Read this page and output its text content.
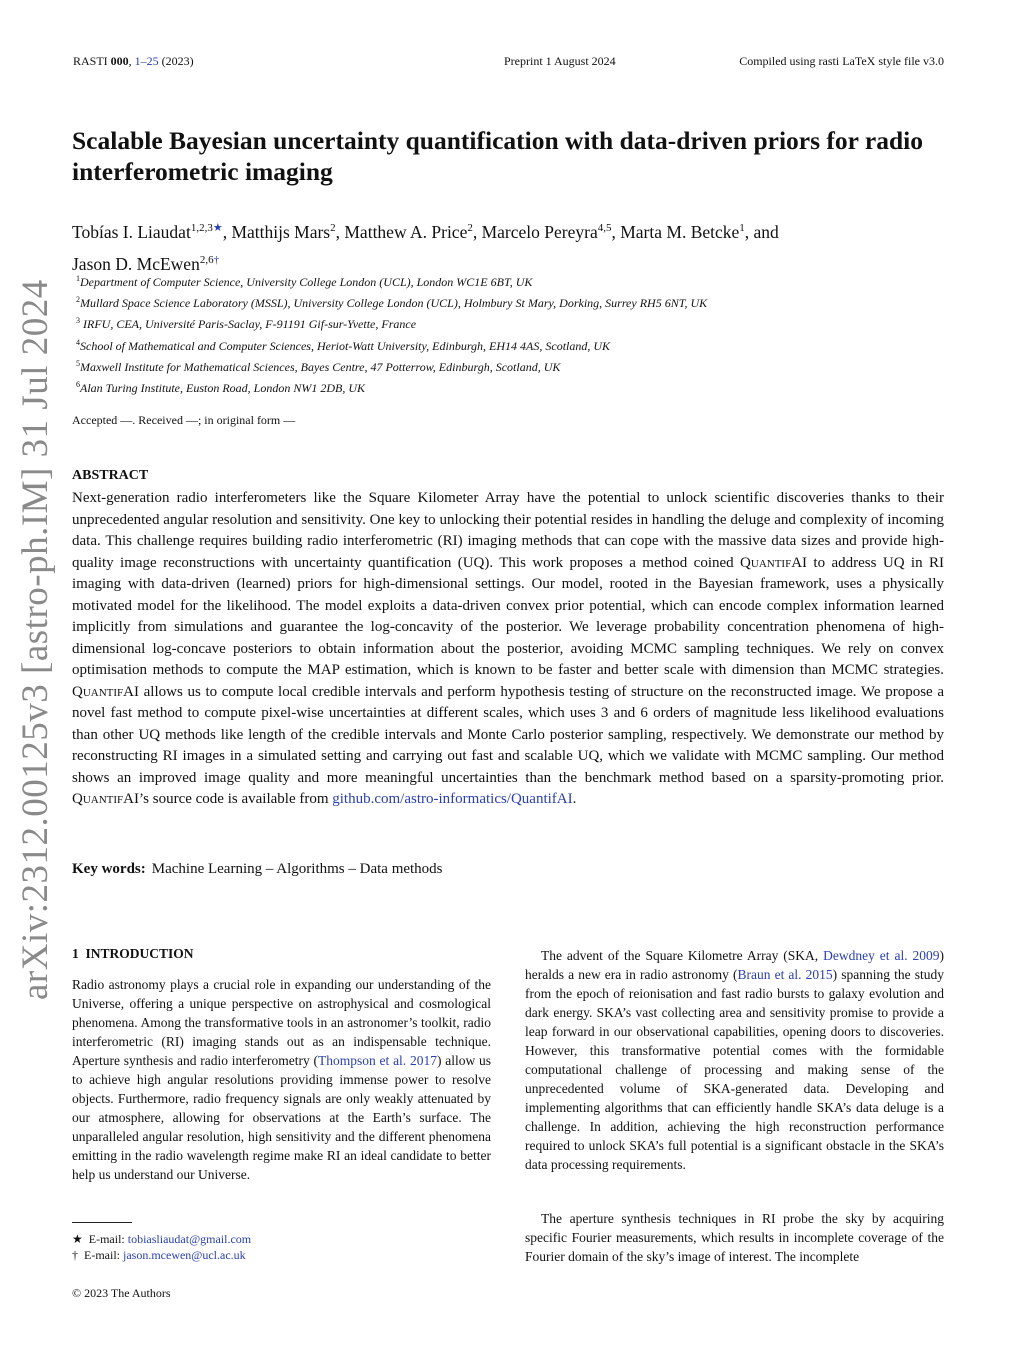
RASTI 000, 1–25 (2023)	Preprint 1 August 2024	Compiled using rasti LaTeX style file v3.0
arXiv:2312.00125v3 [astro-ph.IM] 31 Jul 2024
Scalable Bayesian uncertainty quantification with data-driven priors for radio interferometric imaging
Tobías I. Liaudat$^{1,2,3★}$, Matthijs Mars$^2$, Matthew A. Price$^2$, Marcelo Pereyra$^{4,5}$, Marta M. Betcke$^1$, and
Jason D. McEwen$^{2,6\dagger}$
$^1$Department of Computer Science, University College London (UCL), London WC1E 6BT, UK
$^2$Mullard Space Science Laboratory (MSSL), University College London (UCL), Holmbury St Mary, Dorking, Surrey RH5 6NT, UK
$^3$ IRFU, CEA, Université Paris-Saclay, F-91191 Gif-sur-Yvette, France
$^4$School of Mathematical and Computer Sciences, Heriot-Watt University, Edinburgh, EH14 4AS, Scotland, UK
$^5$Maxwell Institute for Mathematical Sciences, Bayes Centre, 47 Potterrow, Edinburgh, Scotland, UK
$^6$Alan Turing Institute, Euston Road, London NW1 2DB, UK
Accepted —. Received —; in original form —
ABSTRACT
Next-generation radio interferometers like the Square Kilometer Array have the potential to unlock scientific discoveries thanks to their unprecedented angular resolution and sensitivity. One key to unlocking their potential resides in handling the deluge and complexity of incoming data. This challenge requires building radio interferometric (RI) imaging methods that can cope with the massive data sizes and provide high-quality image reconstructions with uncertainty quantification (UQ). This work proposes a method coined QuantifAI to address UQ in RI imaging with data-driven (learned) priors for high-dimensional settings. Our model, rooted in the Bayesian framework, uses a physically motivated model for the likelihood. The model exploits a data-driven convex prior potential, which can encode complex information learned implicitly from simulations and guarantee the log-concavity of the posterior. We leverage probability concentration phenomena of high-dimensional log-concave posteriors to obtain information about the posterior, avoiding MCMC sampling techniques. We rely on convex optimisation methods to compute the MAP estimation, which is known to be faster and better scale with dimension than MCMC strategies. QuantifAI allows us to compute local credible intervals and perform hypothesis testing of structure on the reconstructed image. We propose a novel fast method to compute pixel-wise uncertainties at different scales, which uses 3 and 6 orders of magnitude less likelihood evaluations than other UQ methods like length of the credible intervals and Monte Carlo posterior sampling, respectively. We demonstrate our method by reconstructing RI images in a simulated setting and carrying out fast and scalable UQ, which we validate with MCMC sampling. Our method shows an improved image quality and more meaningful uncertainties than the benchmark method based on a sparsity-promoting prior. QuantifAI’s source code is available from github.com/astro-informatics/QuantifAI.
Key words: Machine Learning – Algorithms – Data methods
1 INTRODUCTION
Radio astronomy plays a crucial role in expanding our understanding of the Universe, offering a unique perspective on astrophysical and cosmological phenomena. Among the transformative tools in an astronomer’s toolkit, radio interferometric (RI) imaging stands out as an indispensable technique. Aperture synthesis and radio interferometry (Thompson et al. 2017) allow us to achieve high angular resolutions providing immense power to resolve objects. Furthermore, radio frequency signals are only weakly attenuated by our atmosphere, allowing for observations at the Earth’s surface. The unparalleled angular resolution, high sensitivity and the different phenomena emitting in the radio wavelength regime make RI an ideal candidate to better help us understand our Universe.
The advent of the Square Kilometre Array (SKA, Dewdney et al. 2009) heralds a new era in radio astronomy (Braun et al. 2015) spanning the study from the epoch of reionisation and fast radio bursts to galaxy evolution and dark energy. SKA’s vast collecting area and sensitivity promise to provide a leap forward in our observational capabilities, opening doors to discoveries. However, this transformative potential comes with the formidable computational challenge of processing and making sense of the unprecedented volume of SKA-generated data. Developing and implementing algorithms that can efficiently handle SKA’s data deluge is a challenge. In addition, achieving the high reconstruction performance required to unlock SKA’s full potential is a significant obstacle in the SKA’s data processing requirements.
The aperture synthesis techniques in RI probe the sky by acquiring specific Fourier measurements, which results in incomplete coverage of the Fourier domain of the sky’s image of interest. The incomplete
★ E-mail: tobiasliaudat@gmail.com
† E-mail: jason.mcewen@ucl.ac.uk
© 2023 The Authors
